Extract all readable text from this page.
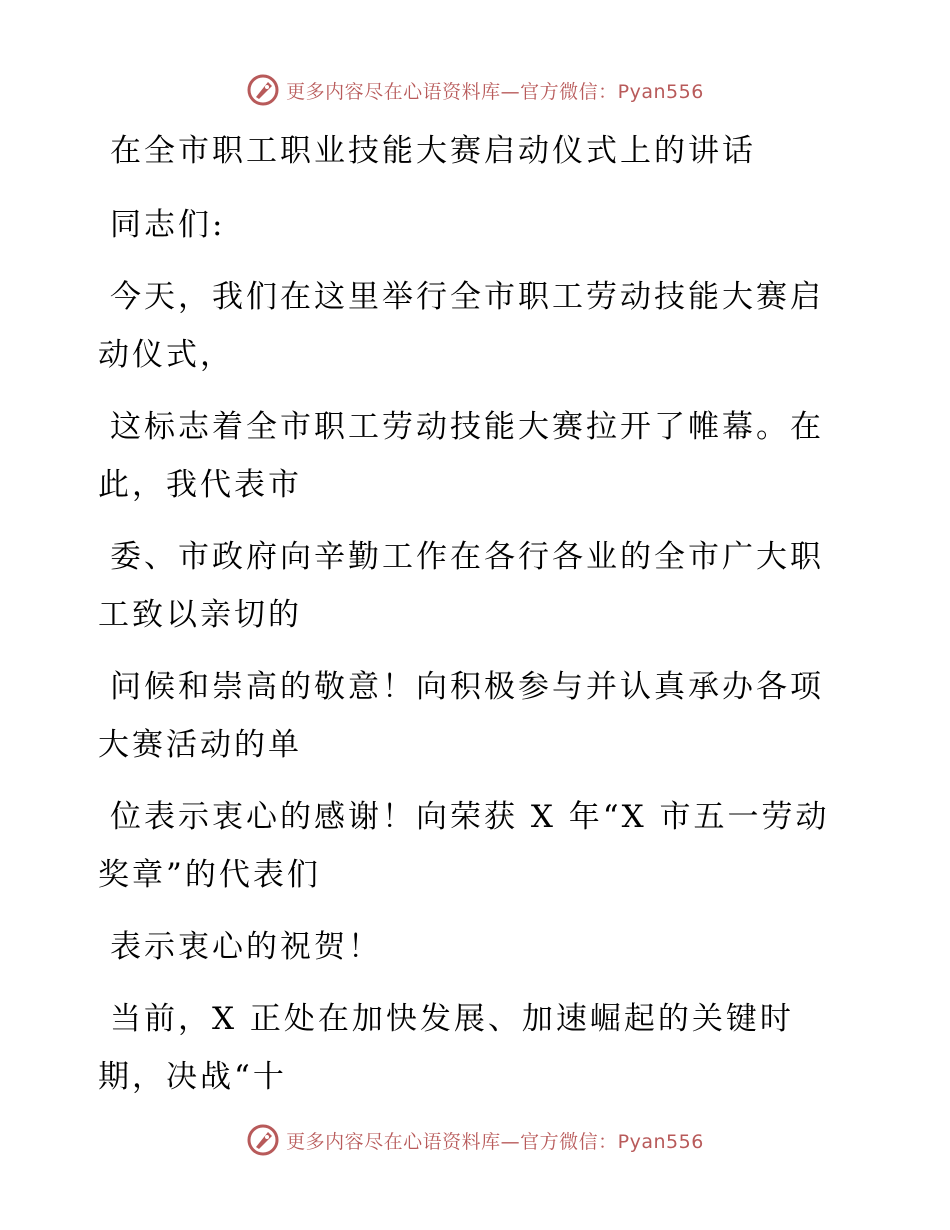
更多内容尽在心语资料库—官方微信：Pyan556

在全市职工职业技能大赛启动仪式上的讲话

同志们:

今天，我们在这里举行全市职工劳动技能大赛启

动仪式，

这标志着全市职工劳动技能大赛拉开了帷幕。在

此，我代表市

委、市政府向辛勤工作在各行各业的全市广大职

工致以亲切的

问候和崇高的敬意！向积极参与并认真承办各项

大赛活动的单

位表示衷心的感谢！向荣获 X 年“X 市五一劳动

奖章”的代表们

表示衷心的祝贺！

当前，X 正处在加快发展、加速崛起的关键时

期，决战“十

更多内容尽在心语资料库—官方微信：Pyan556
